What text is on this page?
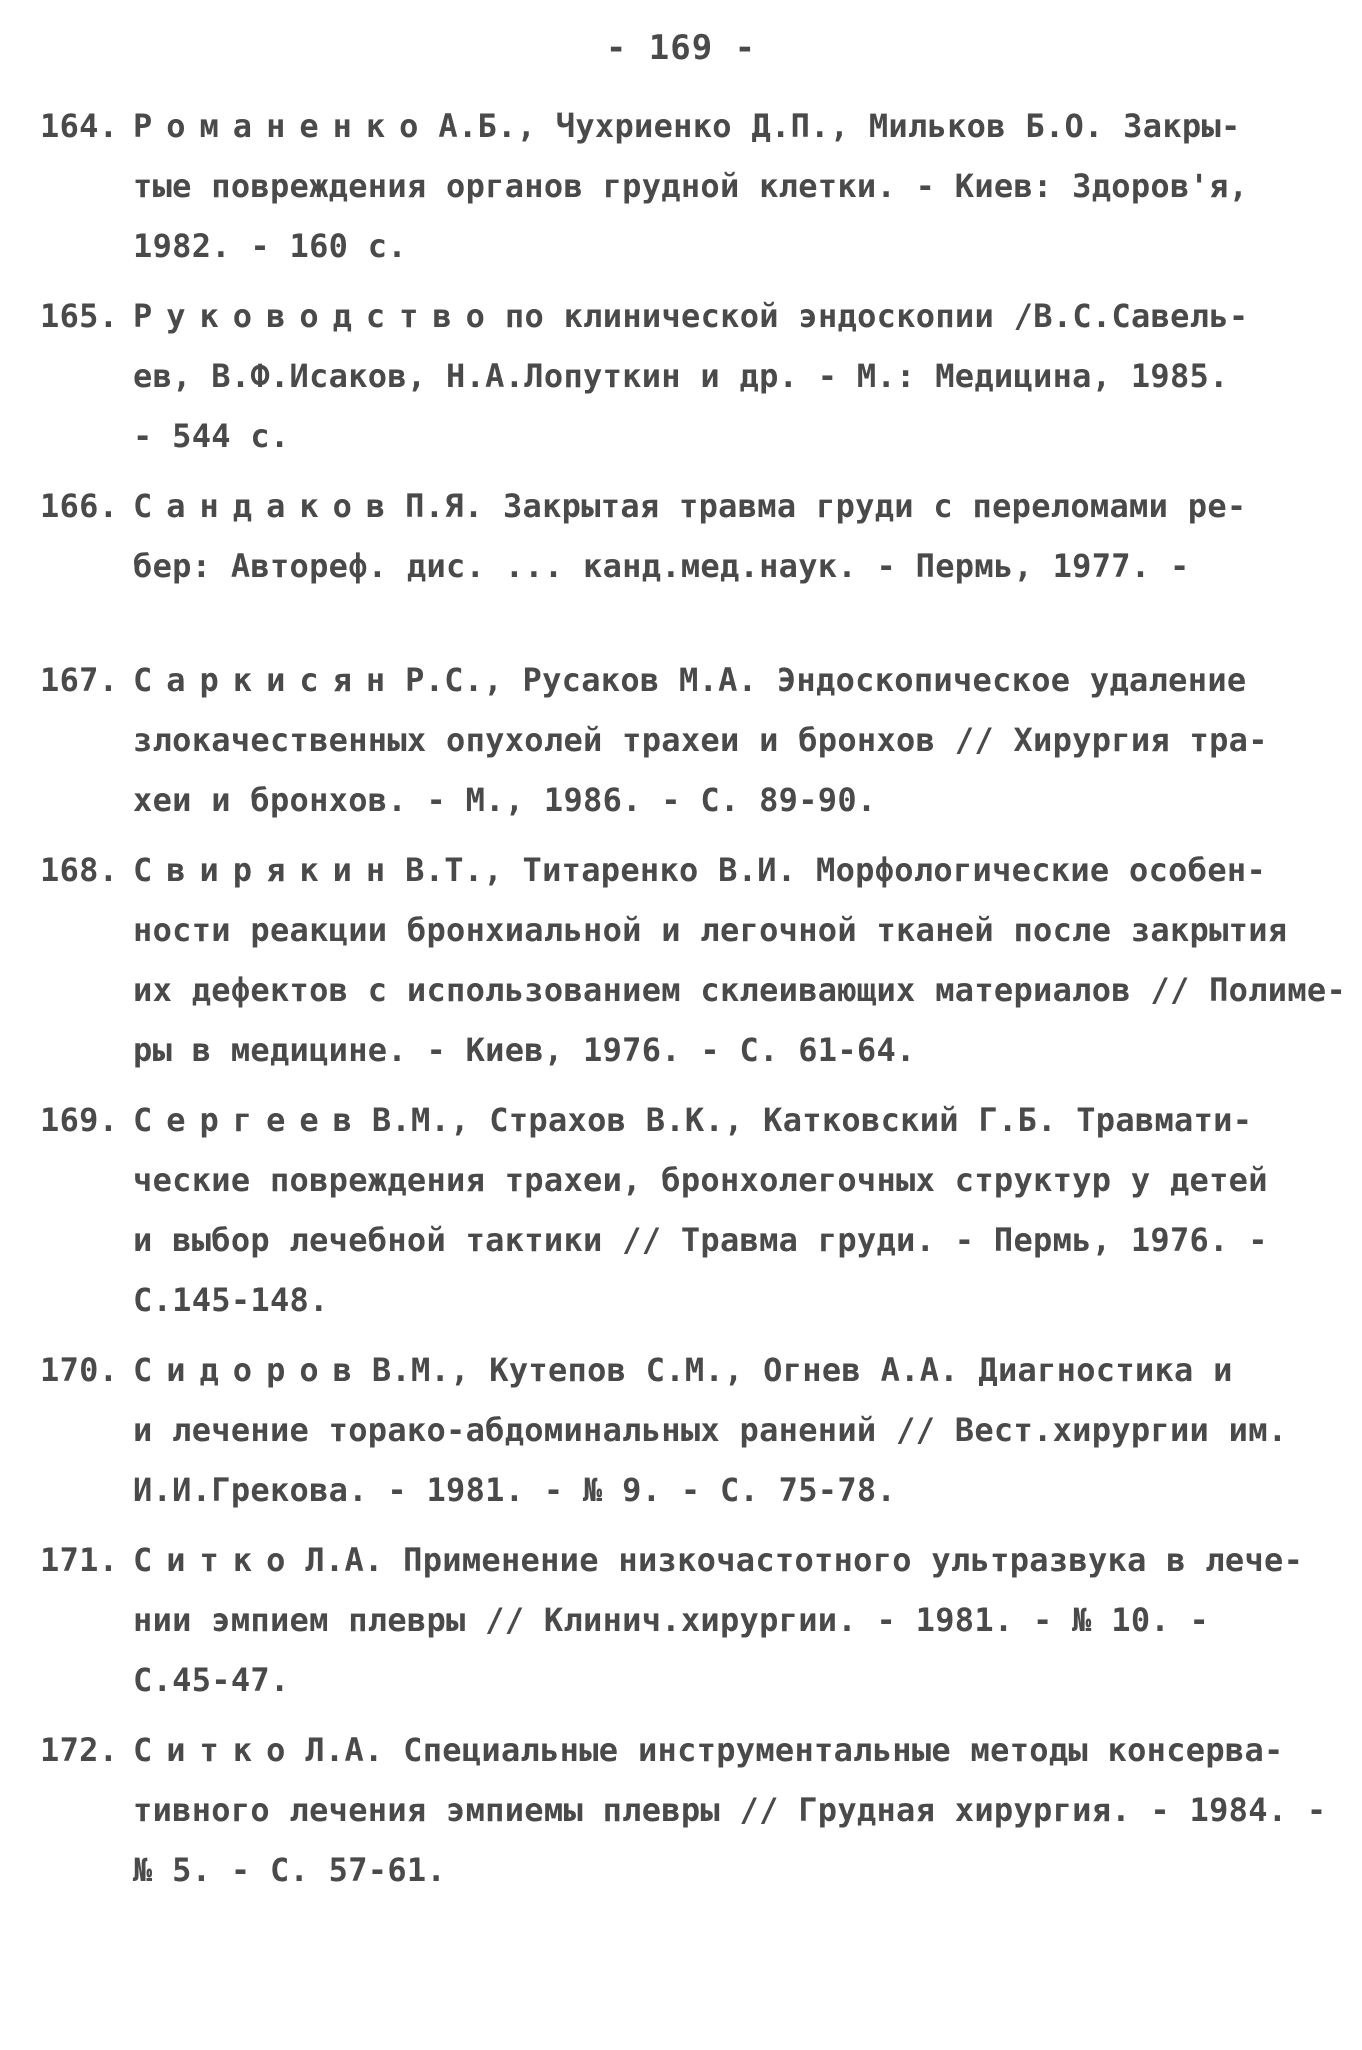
- 169 -
164. Романенко А.Б., Чухриенко Д.П., Мильков Б.О. Закры-
тые повреждения органов грудной клетки. - Киев: Здоров'я,
1982. - 160 с.
165. Руководство по клинической эндоскопии /В.С.Савель-
ев, В.Ф.Исаков, Н.А.Лопуткин и др. - М.: Медицина, 1985.
- 544 с.
166. Сандаков П.Я. Закрытая травма груди с переломами ре-
бер: Автореф. дис. ... канд.мед.наук. - Пермь, 1977. -
167. Саркисян Р.С., Русаков М.А. Эндоскопическое удаление
злокачественных опухолей трахеи и бронхов // Хирургия тра-
хеи и бронхов. - М., 1986. - С. 89-90.
168. Свирякин В.Т., Титаренко В.И. Морфологические особен-
ности реакции бронхиальной и легочной тканей после закрытия
их дефектов с использованием склеивающих материалов // Полиме-
ры в медицине. - Киев, 1976. - С. 61-64.
169. Сергеев В.М., Страхов В.К., Катковский Г.Б. Травмати-
ческие повреждения трахеи, бронхолегочных структур у детей
и выбор лечебной тактики // Травма груди. - Пермь, 1976. -
С.145-148.
170. Сидоров В.М., Кутепов С.М., Огнев А.А. Диагностика и
и лечение торако-абдоминальных ранений // Вест.хирургии им.
И.И.Грекова. - 1981. - № 9. - С. 75-78.
171. Ситко Л.А. Применение низкочастотного ультразвука в лече-
нии эмпием плевры // Клинич.хирургии. - 1981. - № 10. -
С.45-47.
172. Ситко Л.А. Специальные инструментальные методы консерва-
тивного лечения эмпиемы плевры // Грудная хирургия. - 1984. -
№ 5. - С. 57-61.
